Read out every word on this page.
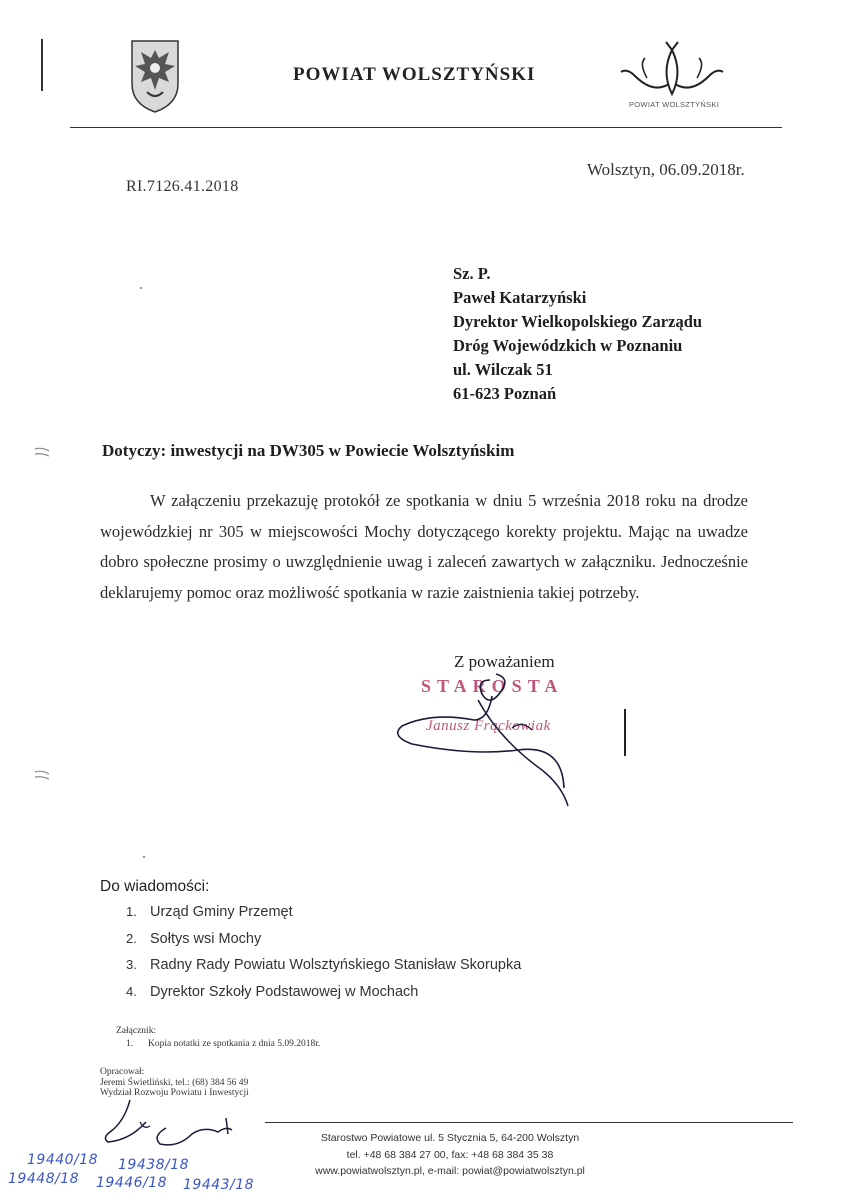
POWIAT WOLSZTYŃSKI
POWIAT WOLSZTYŃSKI
Wolsztyn, 06.09.2018r.
RI.7126.41.2018
Sz. P.
Paweł Katarzyński
Dyrektor Wielkopolskiego Zarządu
Dróg Wojewódzkich w Poznaniu
ul. Wilczak 51
61-623 Poznań
Dotyczy: inwestycji na DW305 w Powiecie Wolsztyńskim

W załączeniu przekazuję protokół ze spotkania w dniu 5 września 2018 roku na drodze wojewódzkiej nr 305 w miejscowości Mochy dotyczącego korekty projektu. Mając na uwadze dobro społeczne prosimy o uwzględnienie uwag i zaleceń zawartych w załączniku. Jednocześnie deklarujemy pomoc oraz możliwość spotkania w razie zaistnienia takiej potrzeby.

Z poważaniem
STAROSTA
Janusz Frąckowiak
Do wiadomości:
1. Urząd Gminy Przemęt
2. Sołtys wsi Mochy
3. Radny Rady Powiatu Wolsztyńskiego Stanisław Skorupka
4. Dyrektor Szkoły Podstawowej w Mochach
Załącznik:
1. Kopia notatki ze spotkania z dnia 5.09.2018r.
Opracował:
Jeremi Świetliński, tel.: (68) 384 56 49
Wydział Rozwoju Powiatu i Inwestycji
Starostwo Powiatowe ul. 5 Stycznia 5, 64-200 Wolsztyn
tel. +48 68 384 27 00, fax: +48 68 384 35 38
www.powiatwolsztyn.pl, e-mail: powiat@powiatwolsztyn.pl
19440/18 19438/18
19448/18 19446/18 19443/18
